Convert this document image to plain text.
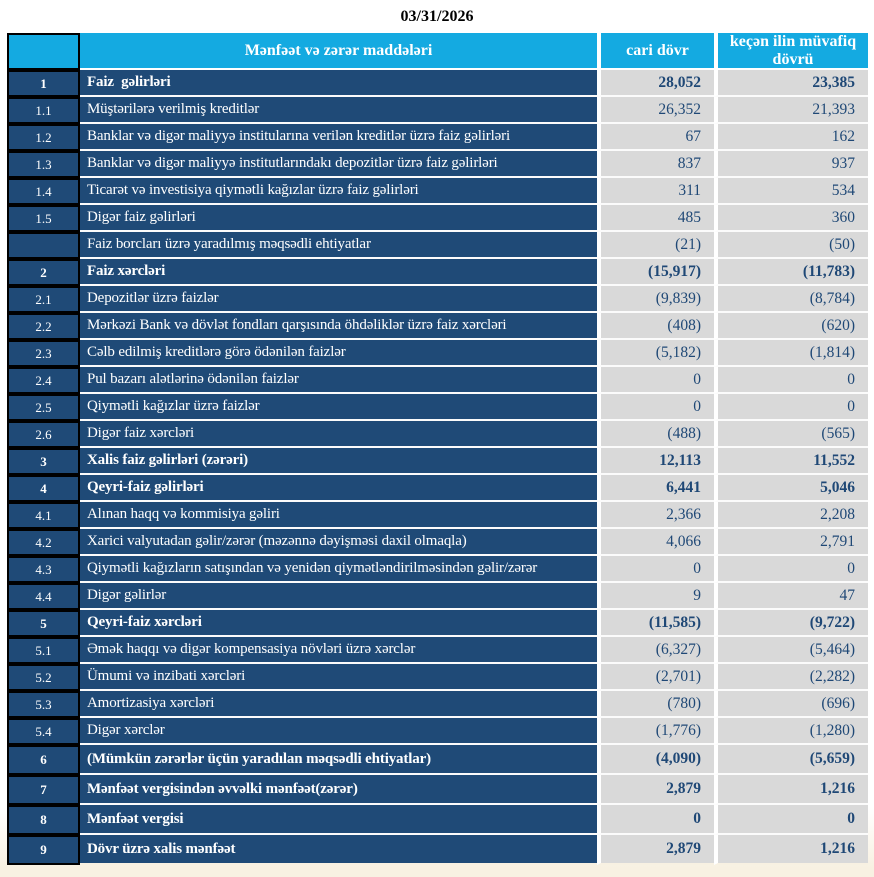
03/31/2026
	Mənfəət və zərər maddələri	cari dövr	keçən ilin müvafiq dövrü
1	Faiz  gəlirləri	28,052	23,385
1.1	Müştərilərə verilmiş kreditlər	26,352	21,393
1.2	Banklar və digər maliyyə institularına verilən kreditlər üzrə faiz gəlirləri	67	162
1.3	Banklar və digər maliyyə institutlarındakı depozitlər üzrə faiz gəlirləri	837	937
1.4	Ticarət və investisiya qiymətli kağızlar üzrə faiz gəlirləri	311	534
1.5	Digər faiz gəlirləri	485	360
	Faiz borcları üzrə yaradılmış məqsədli ehtiyatlar	(21)	(50)
2	Faiz xərcləri	(15,917)	(11,783)
2.1	Depozitlər üzrə faizlər	(9,839)	(8,784)
2.2	Mərkəzi Bank və dövlət fondları qarşısında öhdəliklər üzrə faiz xərcləri	(408)	(620)
2.3	Cəlb edilmiş kreditlərə görə ödənilən faizlər	(5,182)	(1,814)
2.4	Pul bazarı alətlərinə ödənilən faizlər	0	0
2.5	Qiymətli kağızlar üzrə faizlər	0	0
2.6	Digər faiz xərcləri	(488)	(565)
3	Xalis faiz gəlirləri (zərəri)	12,113	11,552
4	Qeyri-faiz gəlirləri	6,441	5,046
4.1	Alınan haqq və kommisiya gəliri	2,366	2,208
4.2	Xarici valyutadan gəlir/zərər (məzənnə dəyişməsi daxil olmaqla)	4,066	2,791
4.3	Qiymətli kağızların satışından və yenidən qiymətləndirilməsindən gəlir/zərər	0	0
4.4	Digər gəlirlər	9	47
5	Qeyri-faiz xərcləri	(11,585)	(9,722)
5.1	Əmək haqqı və digər kompensasiya növləri üzrə xərclər	(6,327)	(5,464)
5.2	Ümumi və inzibati xərcləri	(2,701)	(2,282)
5.3	Amortizasiya xərcləri	(780)	(696)
5.4	Digər xərclər	(1,776)	(1,280)
6	(Mümkün zərərlər üçün yaradılan məqsədli ehtiyatlar)	(4,090)	(5,659)
7	Mənfəət vergisindən əvvəlki mənfəət(zərər)	2,879	1,216
8	Mənfəət vergisi	0	0
9	Dövr üzrə xalis mənfəət	2,879	1,216
